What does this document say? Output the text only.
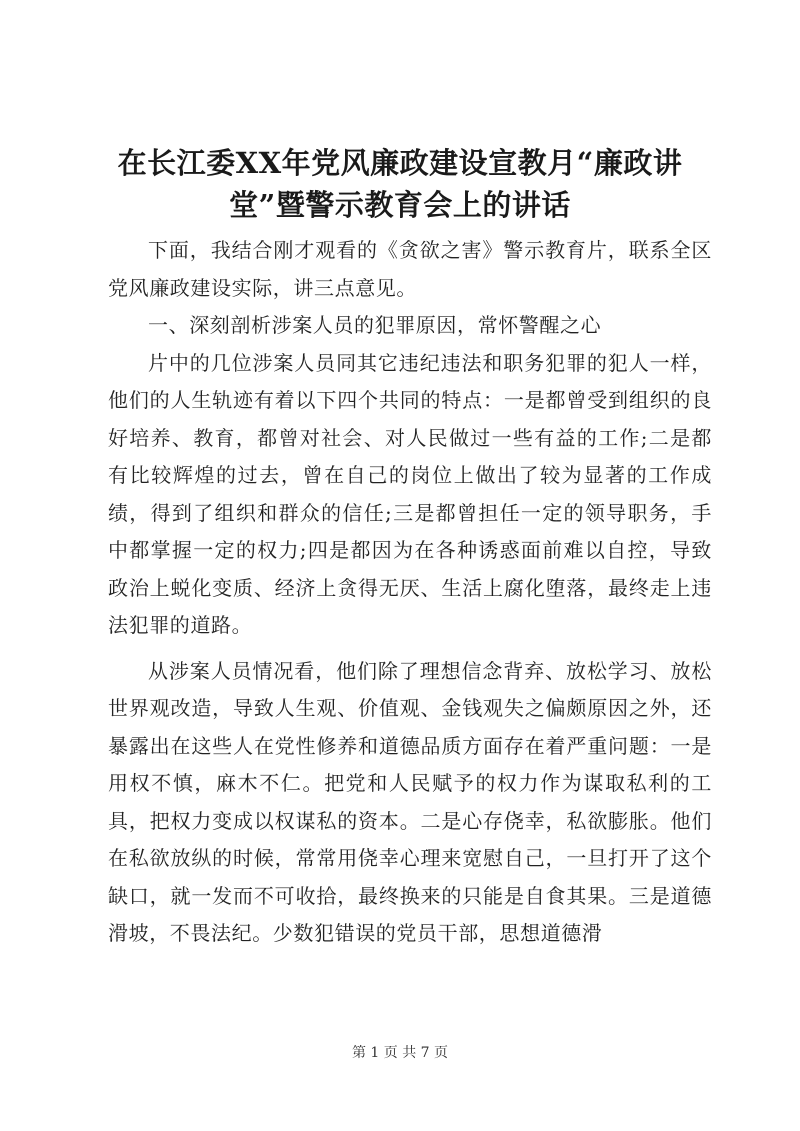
在长江委XX年党风廉政建设宣教月“廉政讲
堂”暨警示教育会上的讲话

下面，我结合刚才观看的《贪欲之害》警示教育片，联系全区党风廉政建设实际，讲三点意见。

一、深刻剖析涉案人员的犯罪原因，常怀警醒之心

片中的几位涉案人员同其它违纪违法和职务犯罪的犯人一样，他们的人生轨迹有着以下四个共同的特点：一是都曾受到组织的良好培养、教育，都曾对社会、对人民做过一些有益的工作;二是都有比较辉煌的过去，曾在自己的岗位上做出了较为显著的工作成绩，得到了组织和群众的信任;三是都曾担任一定的领导职务，手中都掌握一定的权力;四是都因为在各种诱惑面前难以自控，导致政治上蜕化变质、经济上贪得无厌、生活上腐化堕落，最终走上违法犯罪的道路。

从涉案人员情况看，他们除了理想信念背弃、放松学习、放松世界观改造，导致人生观、价值观、金钱观失之偏颇原因之外，还暴露出在这些人在党性修养和道德品质方面存在着严重问题：一是用权不慎，麻木不仁。把党和人民赋予的权力作为谋取私利的工具，把权力变成以权谋私的资本。二是心存侥幸，私欲膨胀。他们在私欲放纵的时候，常常用侥幸心理来宽慰自己，一旦打开了这个缺口，就一发而不可收拾，最终换来的只能是自食其果。三是道德滑坡，不畏法纪。少数犯错误的党员干部，思想道德滑

第 1 页 共 7 页
